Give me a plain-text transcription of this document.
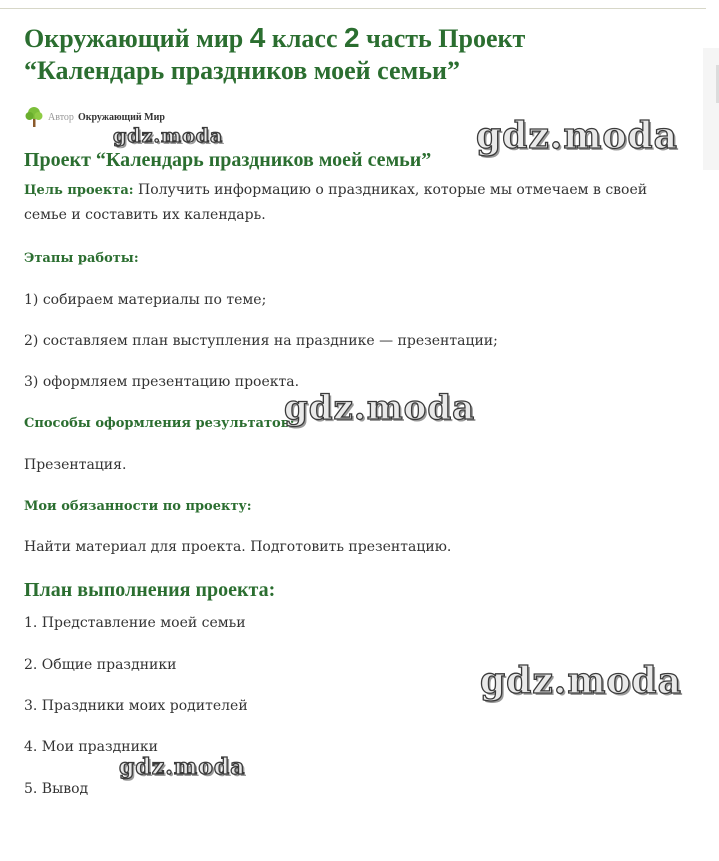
Окружающий мир 4 класс 2 часть Проект
“Календарь праздников моей семьи”
Автор Окружающий Мир
Проект “Календарь праздников моей семьи”

Цель проекта: Получить информацию о праздниках, которые мы отмечаем в своей семье и составить их календарь.

Этапы работы:

1) собираем материалы по теме;

2) составляем план выступления на празднике — презентации;

3) оформляем презентацию проекта.

Способы оформления результатов:

Презентация.

Мои обязанности по проекту:

Найти материал для проекта. Подготовить презентацию.

План выполнения проекта:

1. Представление моей семьи

2. Общие праздники

3. Праздники моих родителей

4. Мои праздники

5. Вывод

gdz.moda	gdz.moda
gdz.moda
gdz.moda
gdz.moda
